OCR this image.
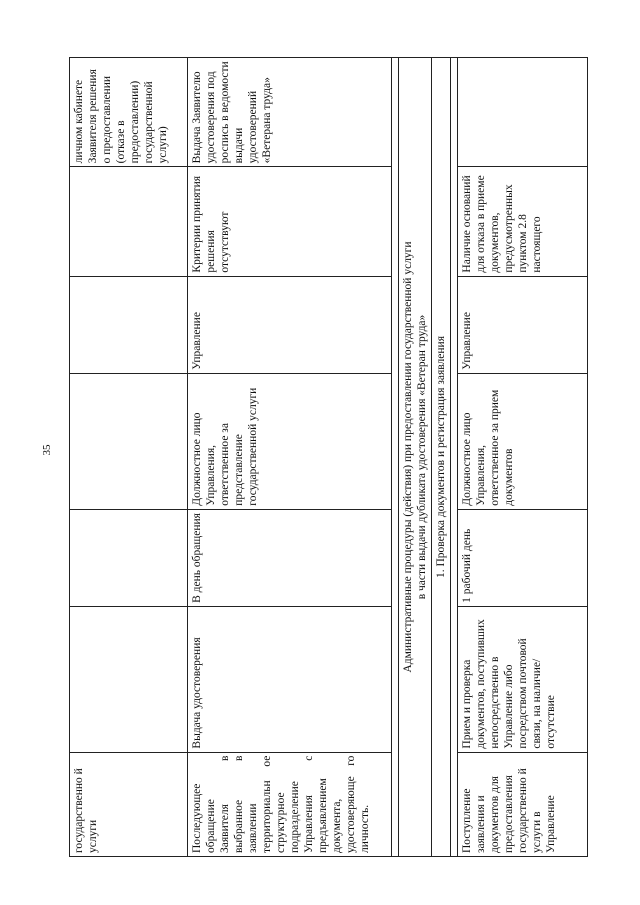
35
государственно й услуги						личном кабинете Заявителя решения о предоставлении (отказе в предоставлении) государственной услуги)
Последующее обращение Заявителя в выбранное в заявлении территориальн ое структурное подразделение Управления с предъявлением документа, удостоверяюще го личность.	Выдача удостоверения	В день обращения	Должностное лицо Управления, ответственное за представление государственной услуги	Управление	Критерии принятия решения отсутствуют	Выдача Заявителю удостоверения под роспись в ведомости выдачи удостоверений «Ветерана труда»

Административные процедуры (действия) при предоставлении государственной услуги в части выдачи дубликата удостоверения «Ветеран труда»						

1. Проверка документов и регистрация заявления						

Поступление заявления и документов для предоставления государственно й услуги в Управление	Прием и проверка документов, поступивших непосредственно в Управление либо посредством почтовой связи, на наличие/отсутствие	1 рабочий день	Должностное лицо Управления, ответственное за прием документов	Управление	Наличие оснований для отказа в приеме документов, предусмотренных пунктом 2.8 настоящего	
